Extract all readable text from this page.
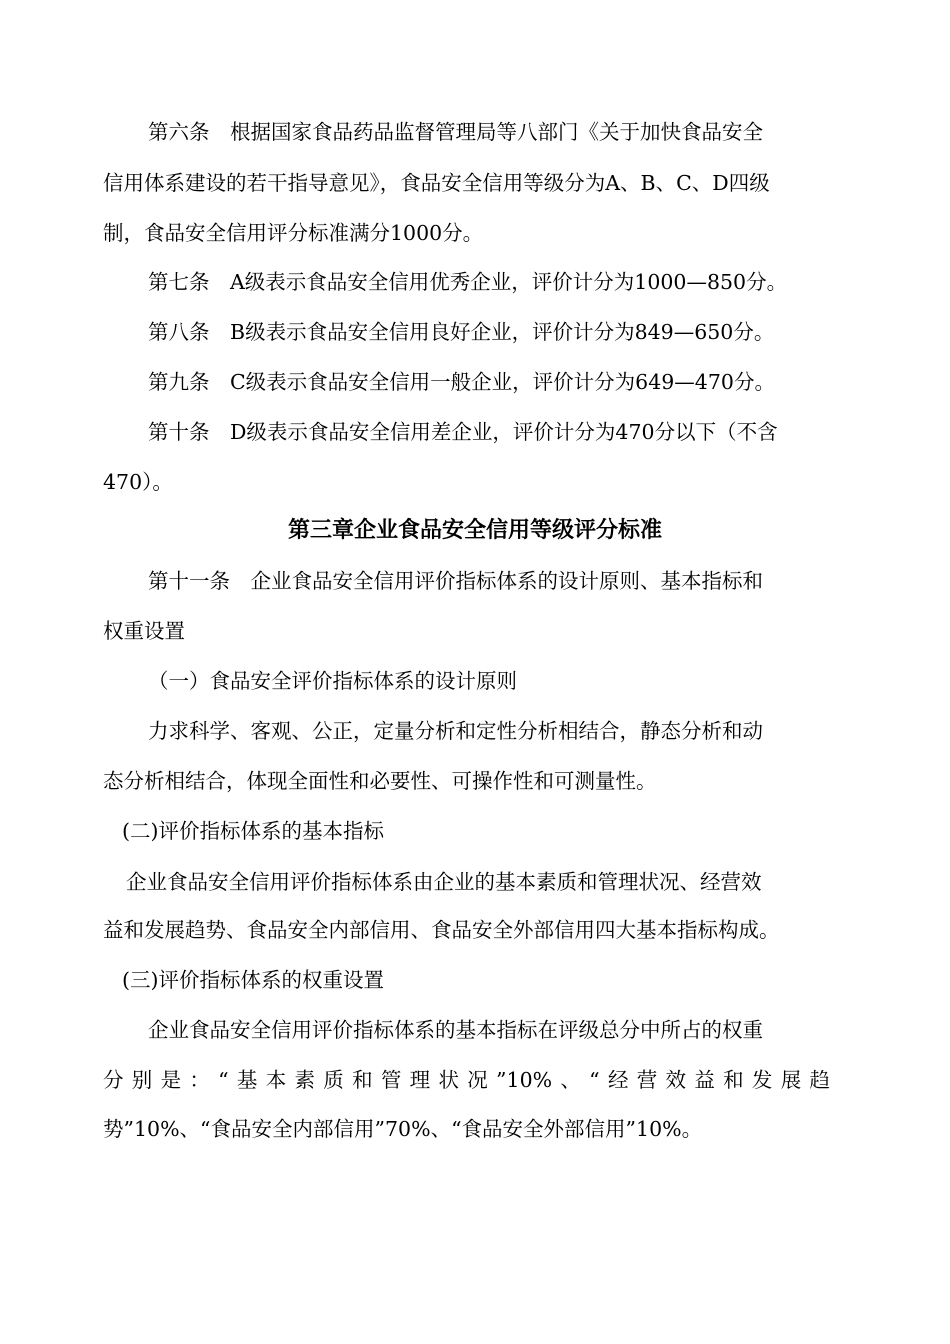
第六条　根据国家食品药品监督管理局等八部门《关于加快食品安全
信用体系建设的若干指导意见》，食品安全信用等级分为A、B、C、D四级
制，食品安全信用评分标准满分1000分。
第七条　A级表示食品安全信用优秀企业，评价计分为1000—850分。
第八条　B级表示食品安全信用良好企业，评价计分为849—650分。
第九条　C级表示食品安全信用一般企业，评价计分为649—470分。
第十条　D级表示食品安全信用差企业，评价计分为470分以下（不含
470）。
第三章企业食品安全信用等级评分标准
第十一条　企业食品安全信用评价指标体系的设计原则、基本指标和
权重设置
（一）食品安全评价指标体系的设计原则
力求科学、客观、公正，定量分析和定性分析相结合，静态分析和动
态分析相结合，体现全面性和必要性、可操作性和可测量性。
(二)评价指标体系的基本指标
企业食品安全信用评价指标体系由企业的基本素质和管理状况、经营效
益和发展趋势、食品安全内部信用、食品安全外部信用四大基本指标构成。
(三)评价指标体系的权重设置
企业食品安全信用评价指标体系的基本指标在评级总分中所占的权重
分别是：“基本素质和管理状况”10%、“经营效益和发展趋
势”10%、“食品安全内部信用”70%、“食品安全外部信用”10%。
